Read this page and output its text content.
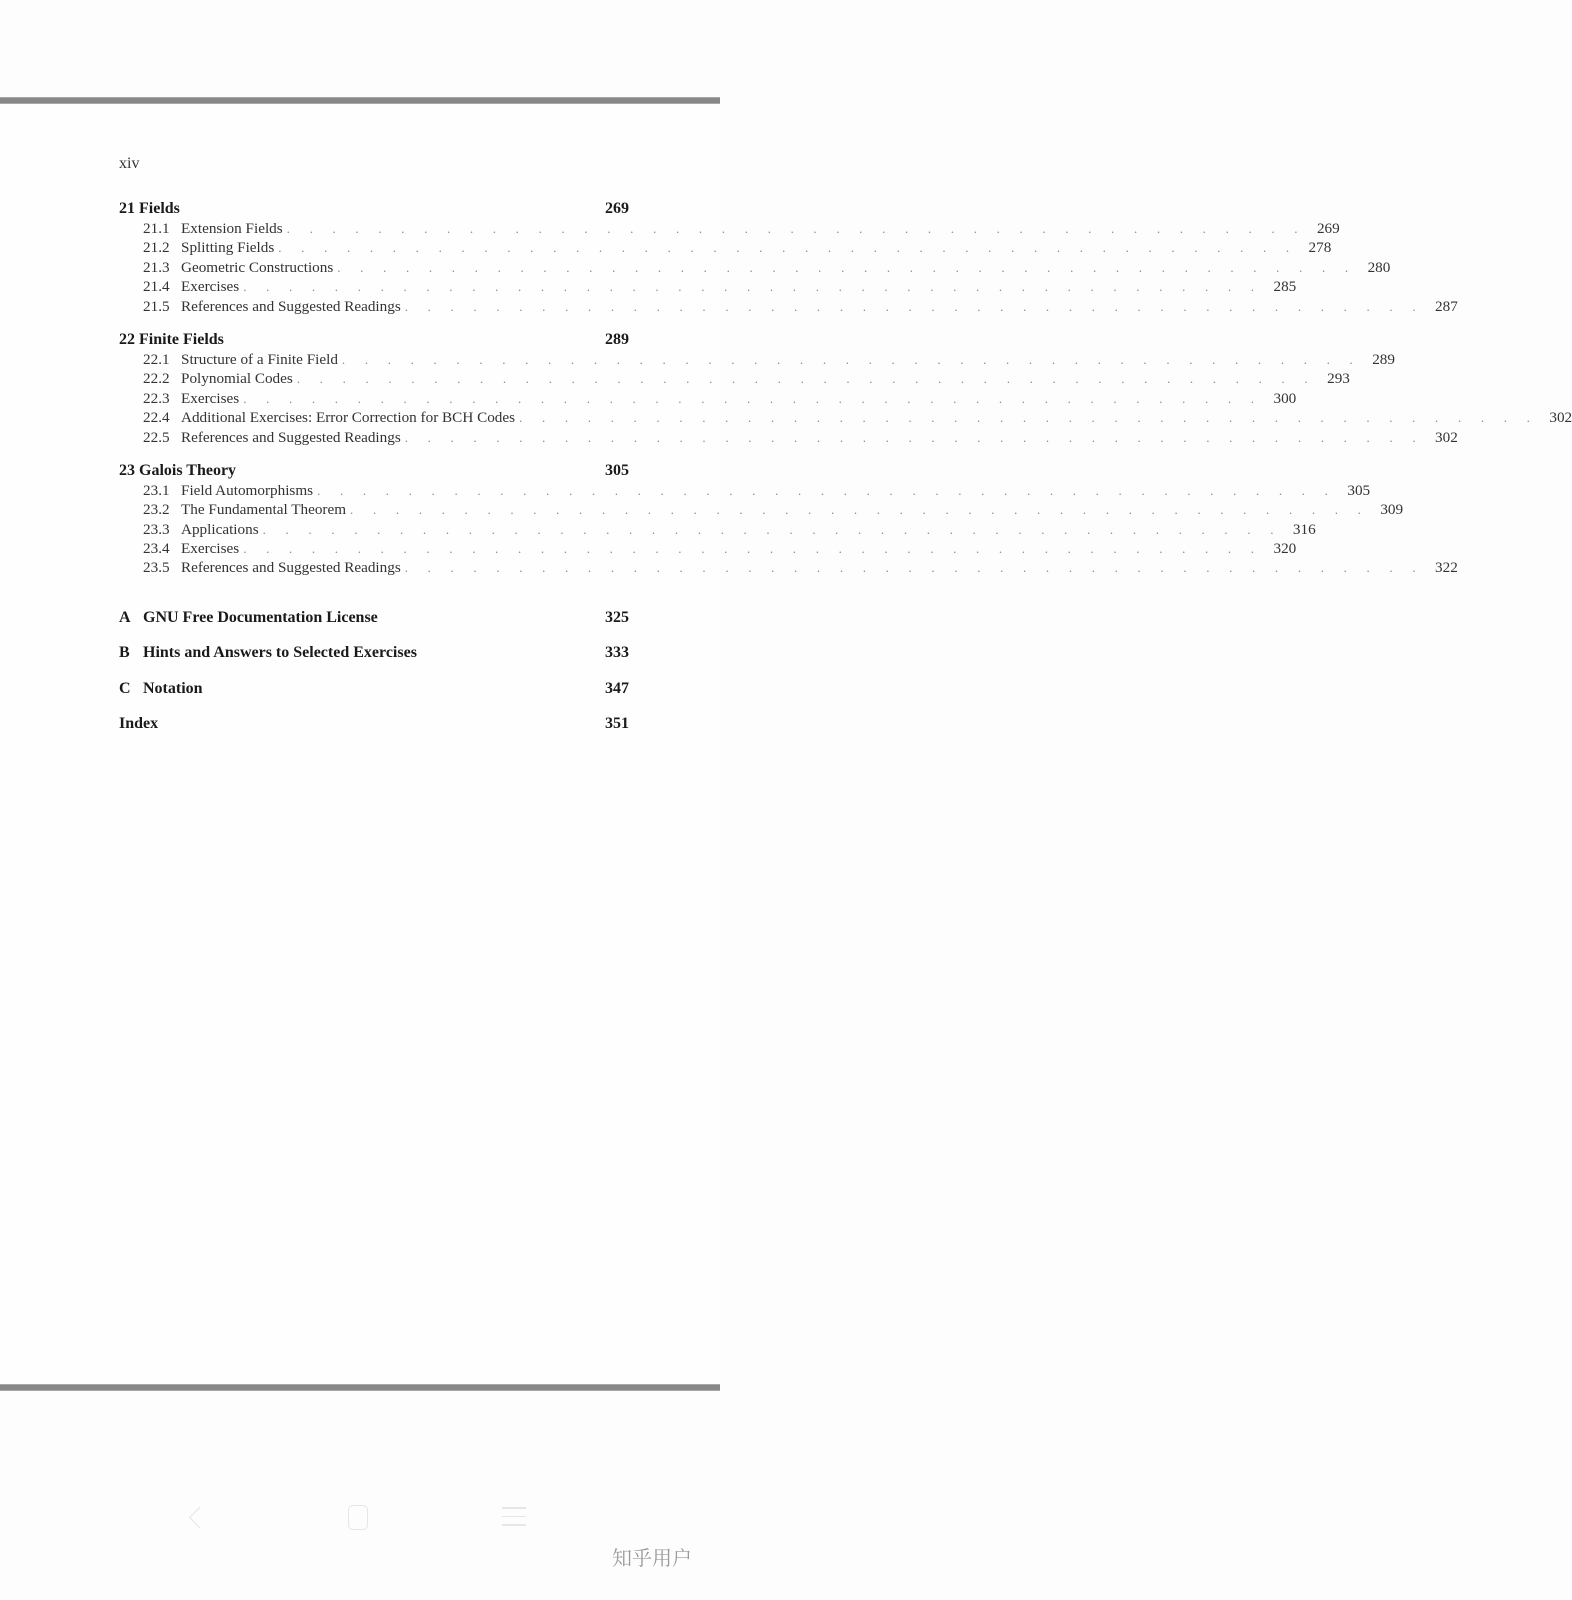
xiv
21 Fields	269
21.1 Extension Fields . . . . . . . . . . . . . . . . . . . . . . . . . . . . . . . . . . . . . . . . . . . . . 269
21.2 Splitting Fields . . . . . . . . . . . . . . . . . . . . . . . . . . . . . . . . . . . . . . . . . . . . . 278
21.3 Geometric Constructions . . . . . . . . . . . . . . . . . . . . . . . . . . . . . . . . . . . . . . . . . . . . . 280
21.4 Exercises . . . . . . . . . . . . . . . . . . . . . . . . . . . . . . . . . . . . . . . . . . . . . 285
21.5 References and Suggested Readings . . . . . . . . . . . . . . . . . . . . . . . . . . . . . . . . . . . . . . . . . . . . . 287
22 Finite Fields	289
22.1 Structure of a Finite Field . . . . . . . . . . . . . . . . . . . . . . . . . . . . . . . . . . . . . . . . . . . . . 289
22.2 Polynomial Codes . . . . . . . . . . . . . . . . . . . . . . . . . . . . . . . . . . . . . . . . . . . . . 293
22.3 Exercises . . . . . . . . . . . . . . . . . . . . . . . . . . . . . . . . . . . . . . . . . . . . . 300
22.4 Additional Exercises: Error Correction for BCH Codes . . . . . . . . . . . . . . . . . . . . . . . . . . . . . . . . . . . . . . . . . . . . . 302
22.5 References and Suggested Readings . . . . . . . . . . . . . . . . . . . . . . . . . . . . . . . . . . . . . . . . . . . . . 302
23 Galois Theory	305
23.1 Field Automorphisms . . . . . . . . . . . . . . . . . . . . . . . . . . . . . . . . . . . . . . . . . . . . . 305
23.2 The Fundamental Theorem . . . . . . . . . . . . . . . . . . . . . . . . . . . . . . . . . . . . . . . . . . . . . 309
23.3 Applications . . . . . . . . . . . . . . . . . . . . . . . . . . . . . . . . . . . . . . . . . . . . . 316
23.4 Exercises . . . . . . . . . . . . . . . . . . . . . . . . . . . . . . . . . . . . . . . . . . . . . 320
23.5 References and Suggested Readings . . . . . . . . . . . . . . . . . . . . . . . . . . . . . . . . . . . . . . . . . . . . . 322
A GNU Free Documentation License	325
B Hints and Answers to Selected Exercises	333
C Notation	347
Index	351
知乎用户
